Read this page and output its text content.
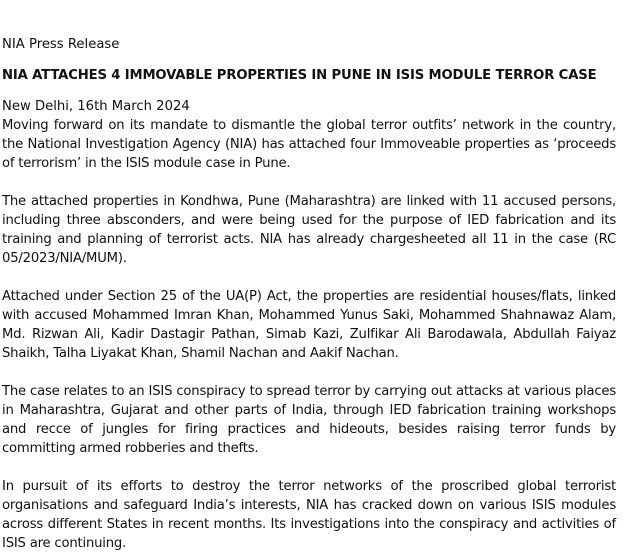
NIA Press Release
NIA ATTACHES 4 IMMOVABLE PROPERTIES IN PUNE IN ISIS MODULE TERROR CASE
New Delhi, 16th March 2024

Moving forward on its mandate to dismantle the global terror outfits’ network in the country, the National Investigation Agency (NIA) has attached four Immoveable properties as ‘proceeds of terrorism’ in the ISIS module case in Pune.

The attached properties in Kondhwa, Pune (Maharashtra) are linked with 11 accused persons, including three absconders, and were being used for the purpose of IED fabrication and its training and planning of terrorist acts. NIA has already chargesheeted all 11 in the case (RC 05/2023/NIA/MUM).

Attached under Section 25 of the UA(P) Act, the properties are residential houses/flats, linked with accused Mohammed Imran Khan, Mohammed Yunus Saki, Mohammed Shahnawaz Alam, Md. Rizwan Ali, Kadir Dastagir Pathan, Simab Kazi, Zulfikar Ali Barodawala, Abdullah Faiyaz Shaikh, Talha Liyakat Khan, Shamil Nachan and Aakif Nachan.

The case relates to an ISIS conspiracy to spread terror by carrying out attacks at various places in Maharashtra, Gujarat and other parts of India, through IED fabrication training workshops and recce of jungles for firing practices and hideouts, besides raising terror funds by committing armed robberies and thefts.

In pursuit of its efforts to destroy the terror networks of the proscribed global terrorist organisations and safeguard India’s interests, NIA has cracked down on various ISIS modules across different States in recent months. Its investigations into the conspiracy and activities of ISIS are continuing.
